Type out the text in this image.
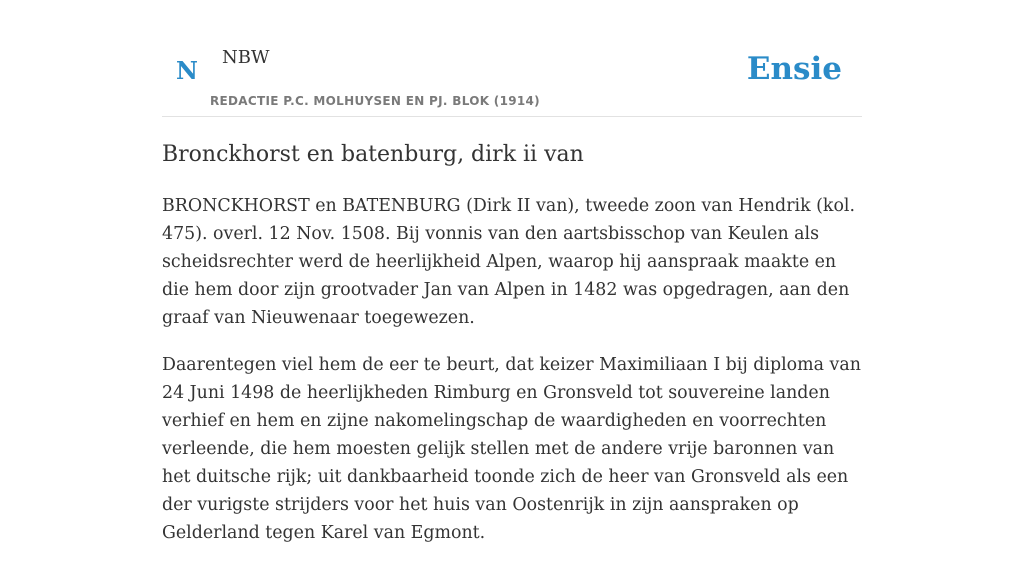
N NBW
REDACTIE P.C. MOLHUYSEN EN PJ. BLOK (1914)
Ensie
Bronckhorst en batenburg, dirk ii van

BRONCKHORST en BATENBURG (Dirk II van), tweede zoon van Hendrik (kol. 475). overl. 12 Nov. 1508. Bij vonnis van den aartsbisschop van Keulen als scheidsrechter werd de heerlijkheid Alpen, waarop hij aanspraak maakte en die hem door zijn grootvader Jan van Alpen in 1482 was opgedragen, aan den graaf van Nieuwenaar toegewezen.

Daarentegen viel hem de eer te beurt, dat keizer Maximiliaan I bij diploma van 24 Juni 1498 de heerlijkheden Rimburg en Gronsveld tot souvereine landen verhief en hem en zijne nakomelingschap de waardigheden en voorrechten verleende, die hem moesten gelijk stellen met de andere vrije baronnen van het duitsche rijk; uit dankbaarheid toonde zich de heer van Gronsveld als een der vurigste strijders voor het huis van Oostenrijk in zijn aanspraken op Gelderland tegen Karel van Egmont.
